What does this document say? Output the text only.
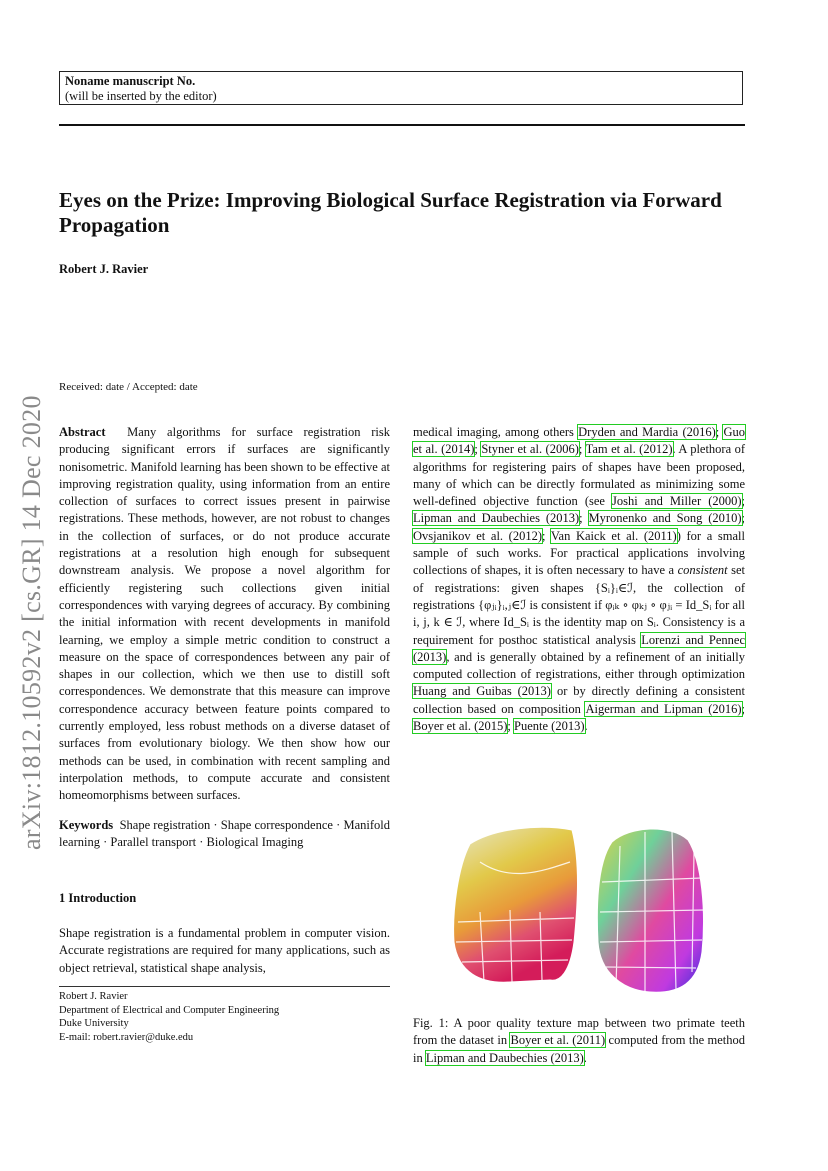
Noname manuscript No.
(will be inserted by the editor)
Eyes on the Prize: Improving Biological Surface Registration via Forward Propagation
Robert J. Ravier
arXiv:1812.10592v2 [cs.GR] 14 Dec 2020
Received: date / Accepted: date
Abstract Many algorithms for surface registration risk producing significant errors if surfaces are significantly nonisometric. Manifold learning has been shown to be effective at improving registration quality, using information from an entire collection of surfaces to correct issues present in pairwise registrations. These methods, however, are not robust to changes in the collection of surfaces, or do not produce accurate registrations at a resolution high enough for subsequent downstream analysis. We propose a novel algorithm for efficiently registering such collections given initial correspondences with varying degrees of accuracy. By combining the initial information with recent developments in manifold learning, we employ a simple metric condition to construct a measure on the space of correspondences between any pair of shapes in our collection, which we then use to distill soft correspondences. We demonstrate that this measure can improve correspondence accuracy between feature points compared to currently employed, less robust methods on a diverse dataset of surfaces from evolutionary biology. We then show how our methods can be used, in combination with recent sampling and interpolation methods, to compute accurate and consistent homeomorphisms between surfaces.
Keywords Shape registration · Shape correspondence · Manifold learning · Parallel transport · Biological Imaging
1 Introduction
Shape registration is a fundamental problem in computer vision. Accurate registrations are required for many applications, such as object retrieval, statistical shape analysis,
Robert J. Ravier
Department of Electrical and Computer Engineering
Duke University
E-mail: robert.ravier@duke.edu
medical imaging, among others Dryden and Mardia (2016); Guo et al. (2014); Styner et al. (2006); Tam et al. (2012). A plethora of algorithms for registering pairs of shapes have been proposed, many of which can be directly formulated as minimizing some well-defined objective function (see Joshi and Miller (2000); Lipman and Daubechies (2013); Myronenko and Song (2010); Ovsjanikov et al. (2012); Van Kaick et al. (2011)) for a small sample of such works. For practical applications involving collections of shapes, it is often necessary to have a consistent set of registrations: given shapes {Sᵢ}ᵢ∈ℐ, the collection of registrations {φⱼᵢ}ᵢ,ⱼ∈ℐ is consistent if φᵢₖ ∘ φₖⱼ ∘ φⱼᵢ = Id_Sᵢ for all i, j, k ∈ ℐ, where Id_Sᵢ is the identity map on Sᵢ. Consistency is a requirement for posthoc statistical analysis Lorenzi and Pennec (2013), and is generally obtained by a refinement of an initially computed collection of registrations, either through optimization Huang and Guibas (2013) or by directly defining a consistent collection based on composition Aigerman and Lipman (2016); Boyer et al. (2015); Puente (2013).
Fig. 1: A poor quality texture map between two primate teeth from the dataset in Boyer et al. (2011) computed from the method in Lipman and Daubechies (2013).
